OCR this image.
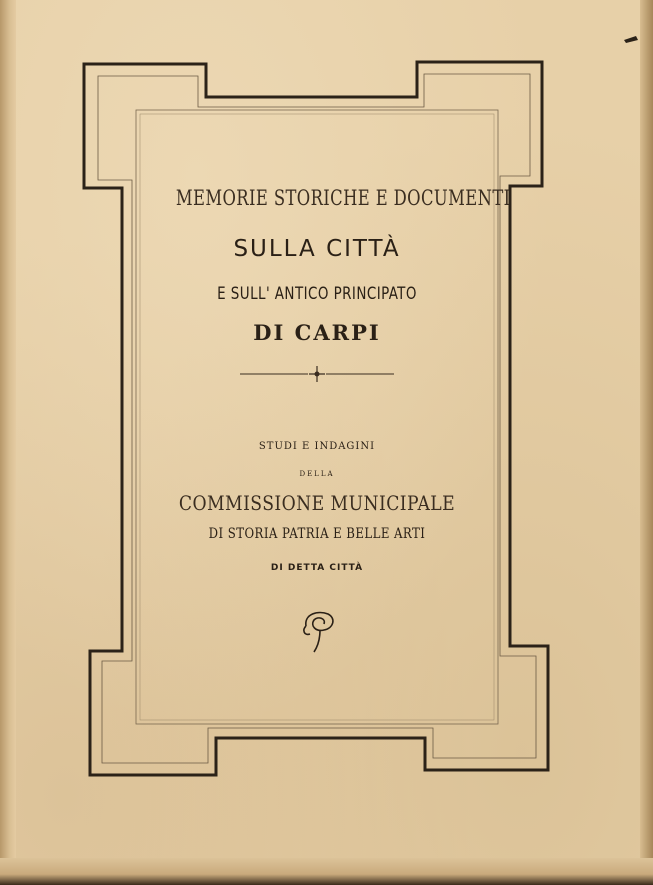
MEMORIE STORICHE E DOCUMENTI
SULLA CITTÀ
E SULL' ANTICO PRINCIPATO
DI CARPI
STUDI E INDAGINI
DELLA
COMMISSIONE MUNICIPALE
DI STORIA PATRIA E BELLE ARTI
DI DETTA CITTÀ
